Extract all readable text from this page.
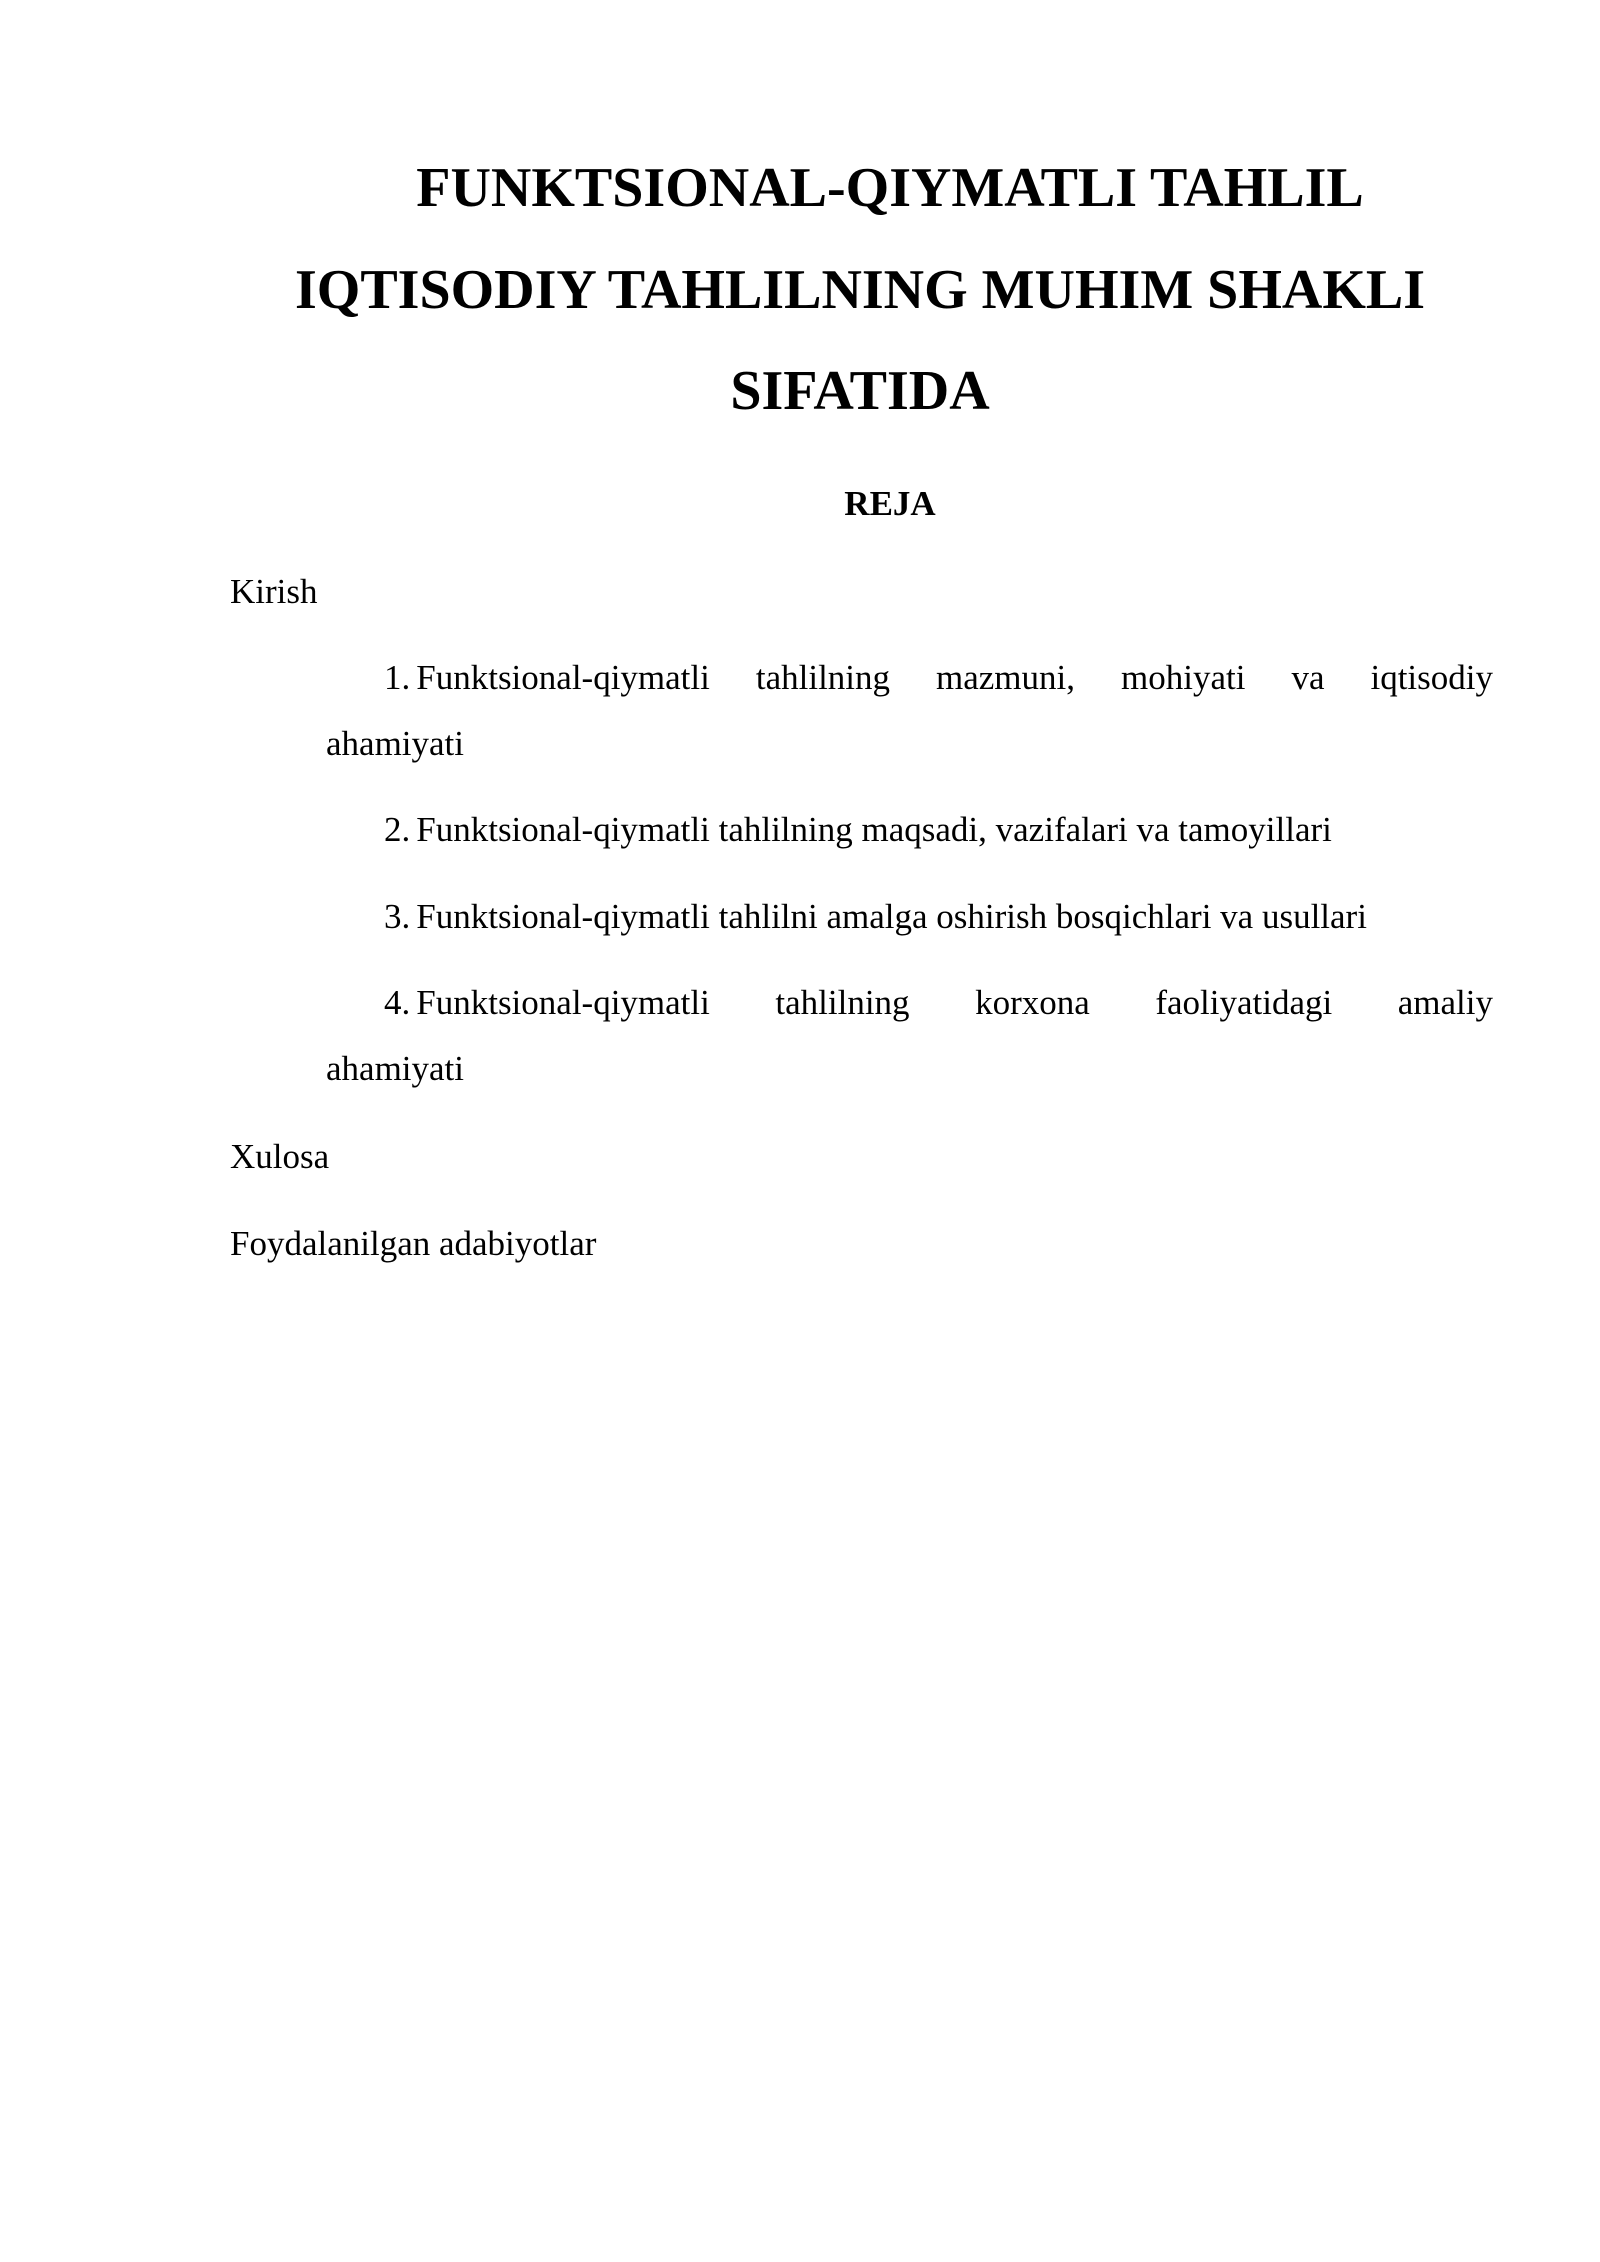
FUNKTSIONAL-QIYMATLI TAHLIL
IQTISODIY TAHLILNING MUHIM SHAKLI
SIFATIDA
REJA
Kirish
1. Funktsional-qiymatli tahlilning mazmuni, mohiyati va iqtisodiy
ahamiyati
2. Funktsional-qiymatli tahlilning maqsadi, vazifalari va tamoyillari
3. Funktsional-qiymatli tahlilni amalga oshirish bosqichlari va usullari
4. Funktsional-qiymatli tahlilning korxona faoliyatidagi amaliy
ahamiyati
Xulosa
Foydalanilgan adabiyotlar
